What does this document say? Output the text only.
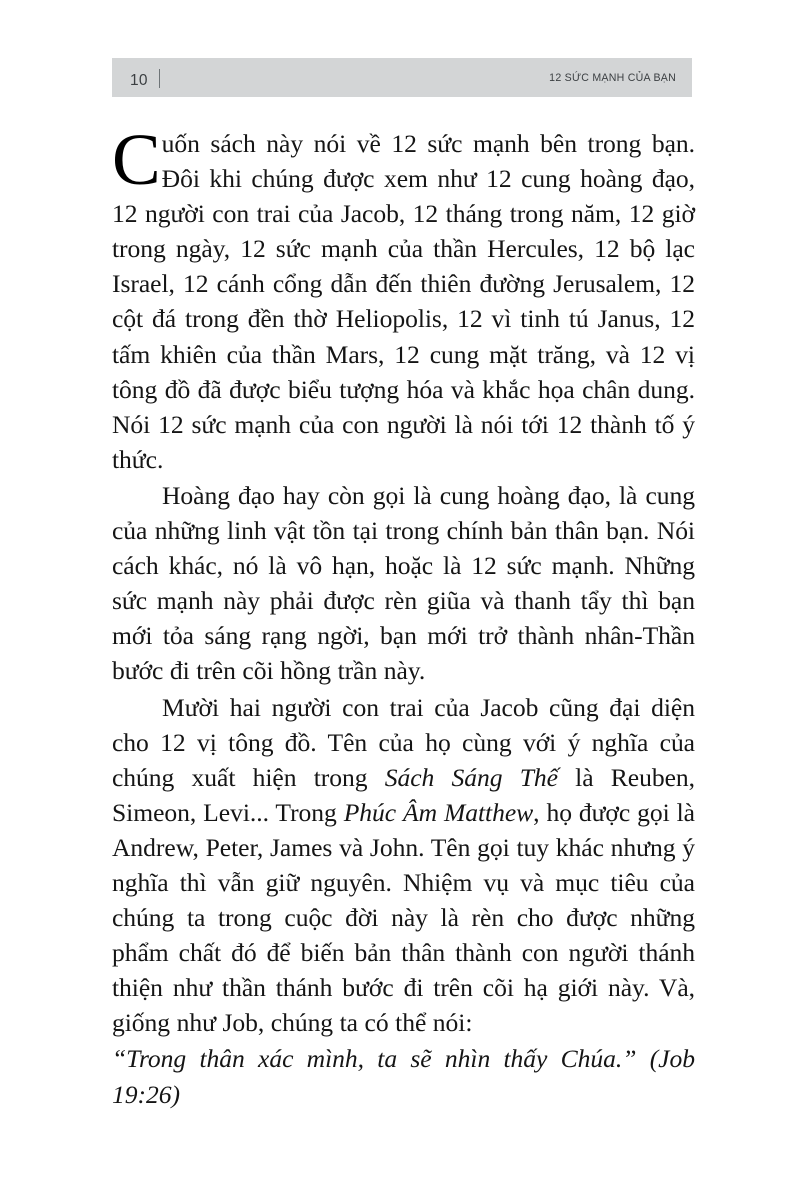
10	12 SỨC MẠNH CỦA BẠN

Cuốn sách này nói về 12 sức mạnh bên trong bạn. Đôi khi chúng được xem như 12 cung hoàng đạo, 12 người con trai của Jacob, 12 tháng trong năm, 12 giờ trong ngày, 12 sức mạnh của thần Hercules, 12 bộ lạc Israel, 12 cánh cổng dẫn đến thiên đường Jerusalem, 12 cột đá trong đền thờ Heliopolis, 12 vì tinh tú Janus, 12 tấm khiên của thần Mars, 12 cung mặt trăng, và 12 vị tông đồ đã được biểu tượng hóa và khắc họa chân dung. Nói 12 sức mạnh của con người là nói tới 12 thành tố ý thức.

Hoàng đạo hay còn gọi là cung hoàng đạo, là cung của những linh vật tồn tại trong chính bản thân bạn. Nói cách khác, nó là vô hạn, hoặc là 12 sức mạnh. Những sức mạnh này phải được rèn giũa và thanh tẩy thì bạn mới tỏa sáng rạng ngời, bạn mới trở thành nhân-Thần bước đi trên cõi hồng trần này.

Mười hai người con trai của Jacob cũng đại diện cho 12 vị tông đồ. Tên của họ cùng với ý nghĩa của chúng xuất hiện trong Sách Sáng Thế là Reuben, Simeon, Levi... Trong Phúc Âm Matthew, họ được gọi là Andrew, Peter, James và John. Tên gọi tuy khác nhưng ý nghĩa thì vẫn giữ nguyên. Nhiệm vụ và mục tiêu của chúng ta trong cuộc đời này là rèn cho được những phẩm chất đó để biến bản thân thành con người thánh thiện như thần thánh bước đi trên cõi hạ giới này. Và, giống như Job, chúng ta có thể nói:

“Trong thân xác mình, ta sẽ nhìn thấy Chúa.” (Job 19:26)
